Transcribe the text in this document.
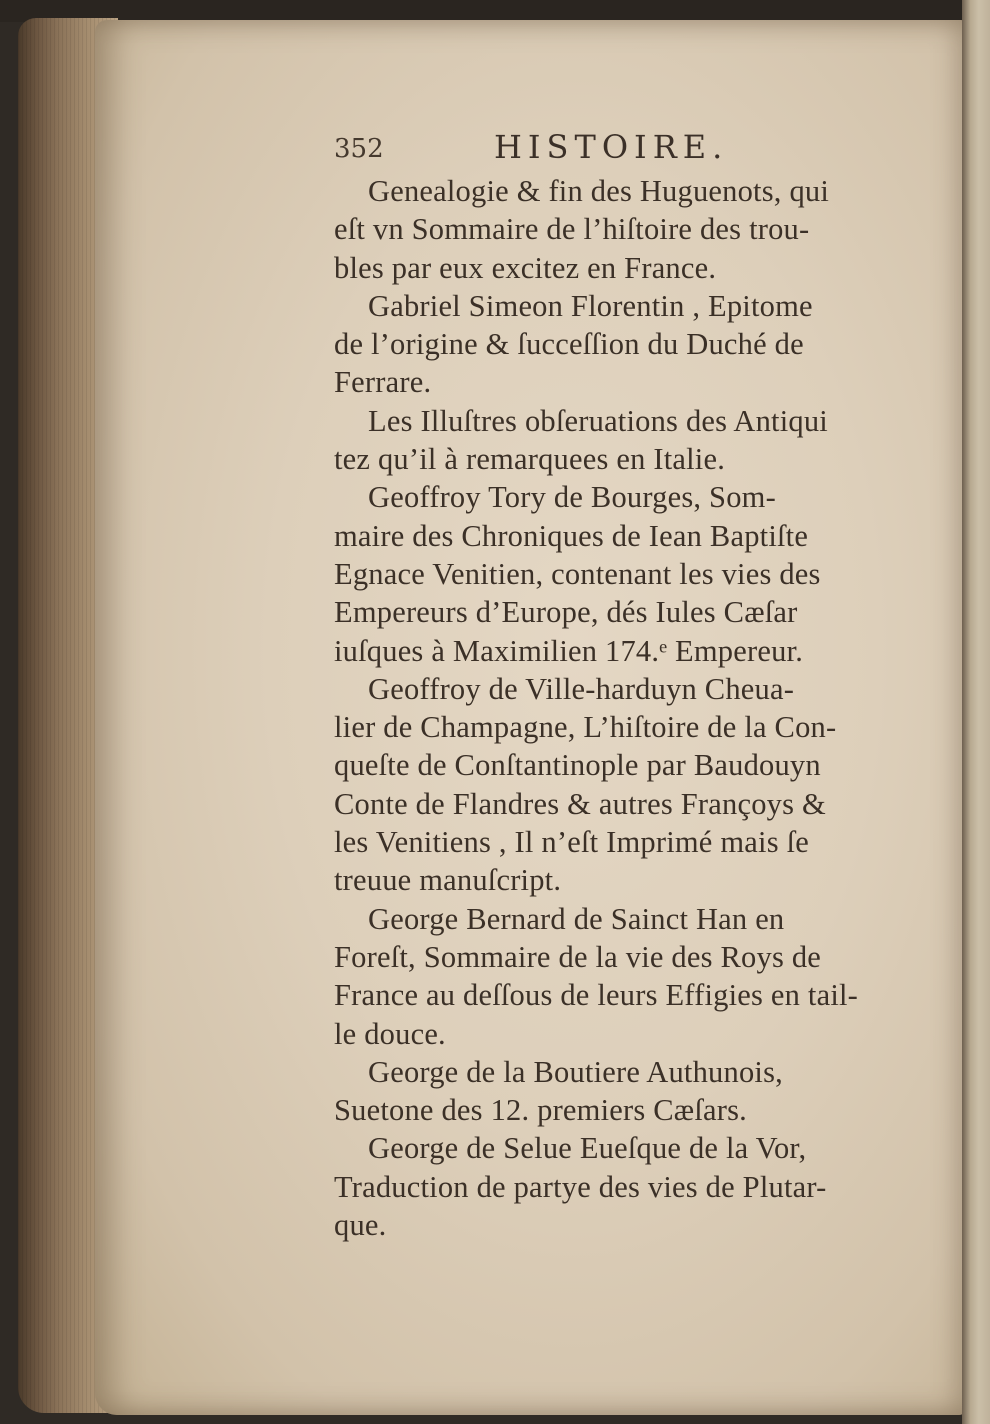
352	HISTOIRE.
Genealogie & fin des Huguenots, qui
eſt vn Sommaire de l’hiſtoire des trou-
bles par eux excitez en France.
Gabriel Simeon Florentin , Epitome
de l’origine & ſucceſſion du Duché de
Ferrare.
Les Illuſtres obſeruations des Antiqui
tez qu’il à remarquees en Italie.
Geoffroy Tory de Bourges, Som-
maire des Chroniques de Iean Baptiſte
Egnace Venitien, contenant les vies des
Empereurs d’Europe, dés Iules Cæſar
iuſques à Maximilien 174.ᵉ Empereur.
Geoffroy de Ville-harduyn Cheua-
lier de Champagne, L’hiſtoire de la Con-
queſte de Conſtantinople par Baudouyn
Conte de Flandres & autres Françoys &
les Venitiens , Il n’eſt Imprimé mais ſe
treuue manuſcript.
George Bernard de Sainct Han en
Foreſt, Sommaire de la vie des Roys de
France au deſſous de leurs Effigies en tail-
le douce.
George de la Boutiere Authunois,
Suetone des 12. premiers Cæſars.
George de Selue Eueſque de la Vor,
Traduction de partye des vies de Plutar-
que.
